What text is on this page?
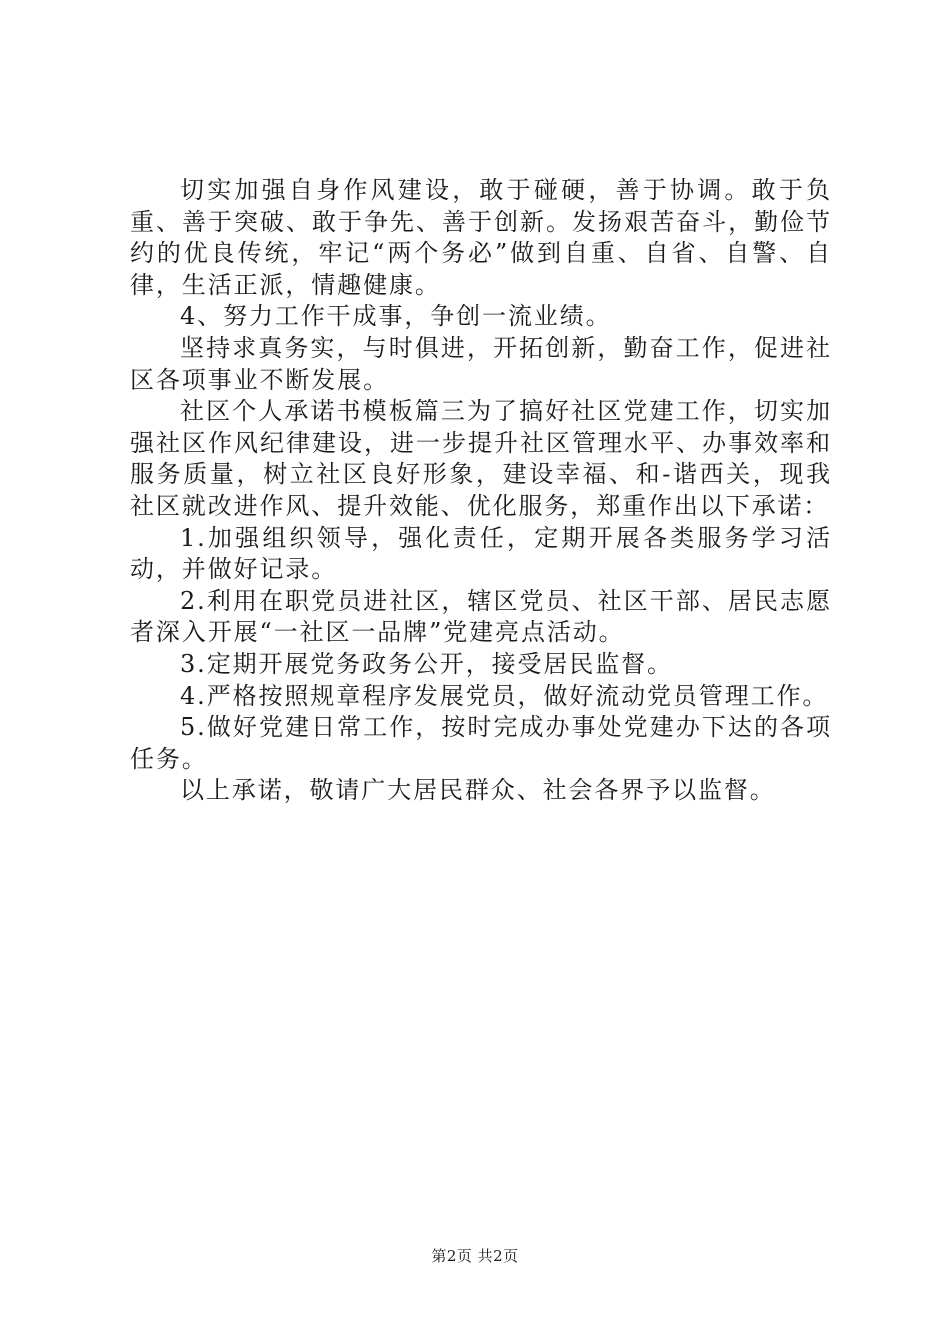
切实加强自身作风建设，敢于碰硬，善于协调。敢于负重、善于突破、敢于争先、善于创新。发扬艰苦奋斗，勤俭节约的优良传统，牢记“两个务必”做到自重、自省、自警、自律，生活正派，情趣健康。

4、努力工作干成事，争创一流业绩。

坚持求真务实，与时俱进，开拓创新，勤奋工作，促进社区各项事业不断发展。

社区个人承诺书模板篇三为了搞好社区党建工作，切实加强社区作风纪律建设，进一步提升社区管理水平、办事效率和服务质量，树立社区良好形象，建设幸福、和-谐西关，现我社区就改进作风、提升效能、优化服务，郑重作出以下承诺：

1.加强组织领导，强化责任，定期开展各类服务学习活动，并做好记录。

2.利用在职党员进社区，辖区党员、社区干部、居民志愿者深入开展“一社区一品牌”党建亮点活动。

3.定期开展党务政务公开，接受居民监督。

4.严格按照规章程序发展党员，做好流动党员管理工作。

5.做好党建日常工作，按时完成办事处党建办下达的各项任务。

以上承诺，敬请广大居民群众、社会各界予以监督。

第2页 共2页
